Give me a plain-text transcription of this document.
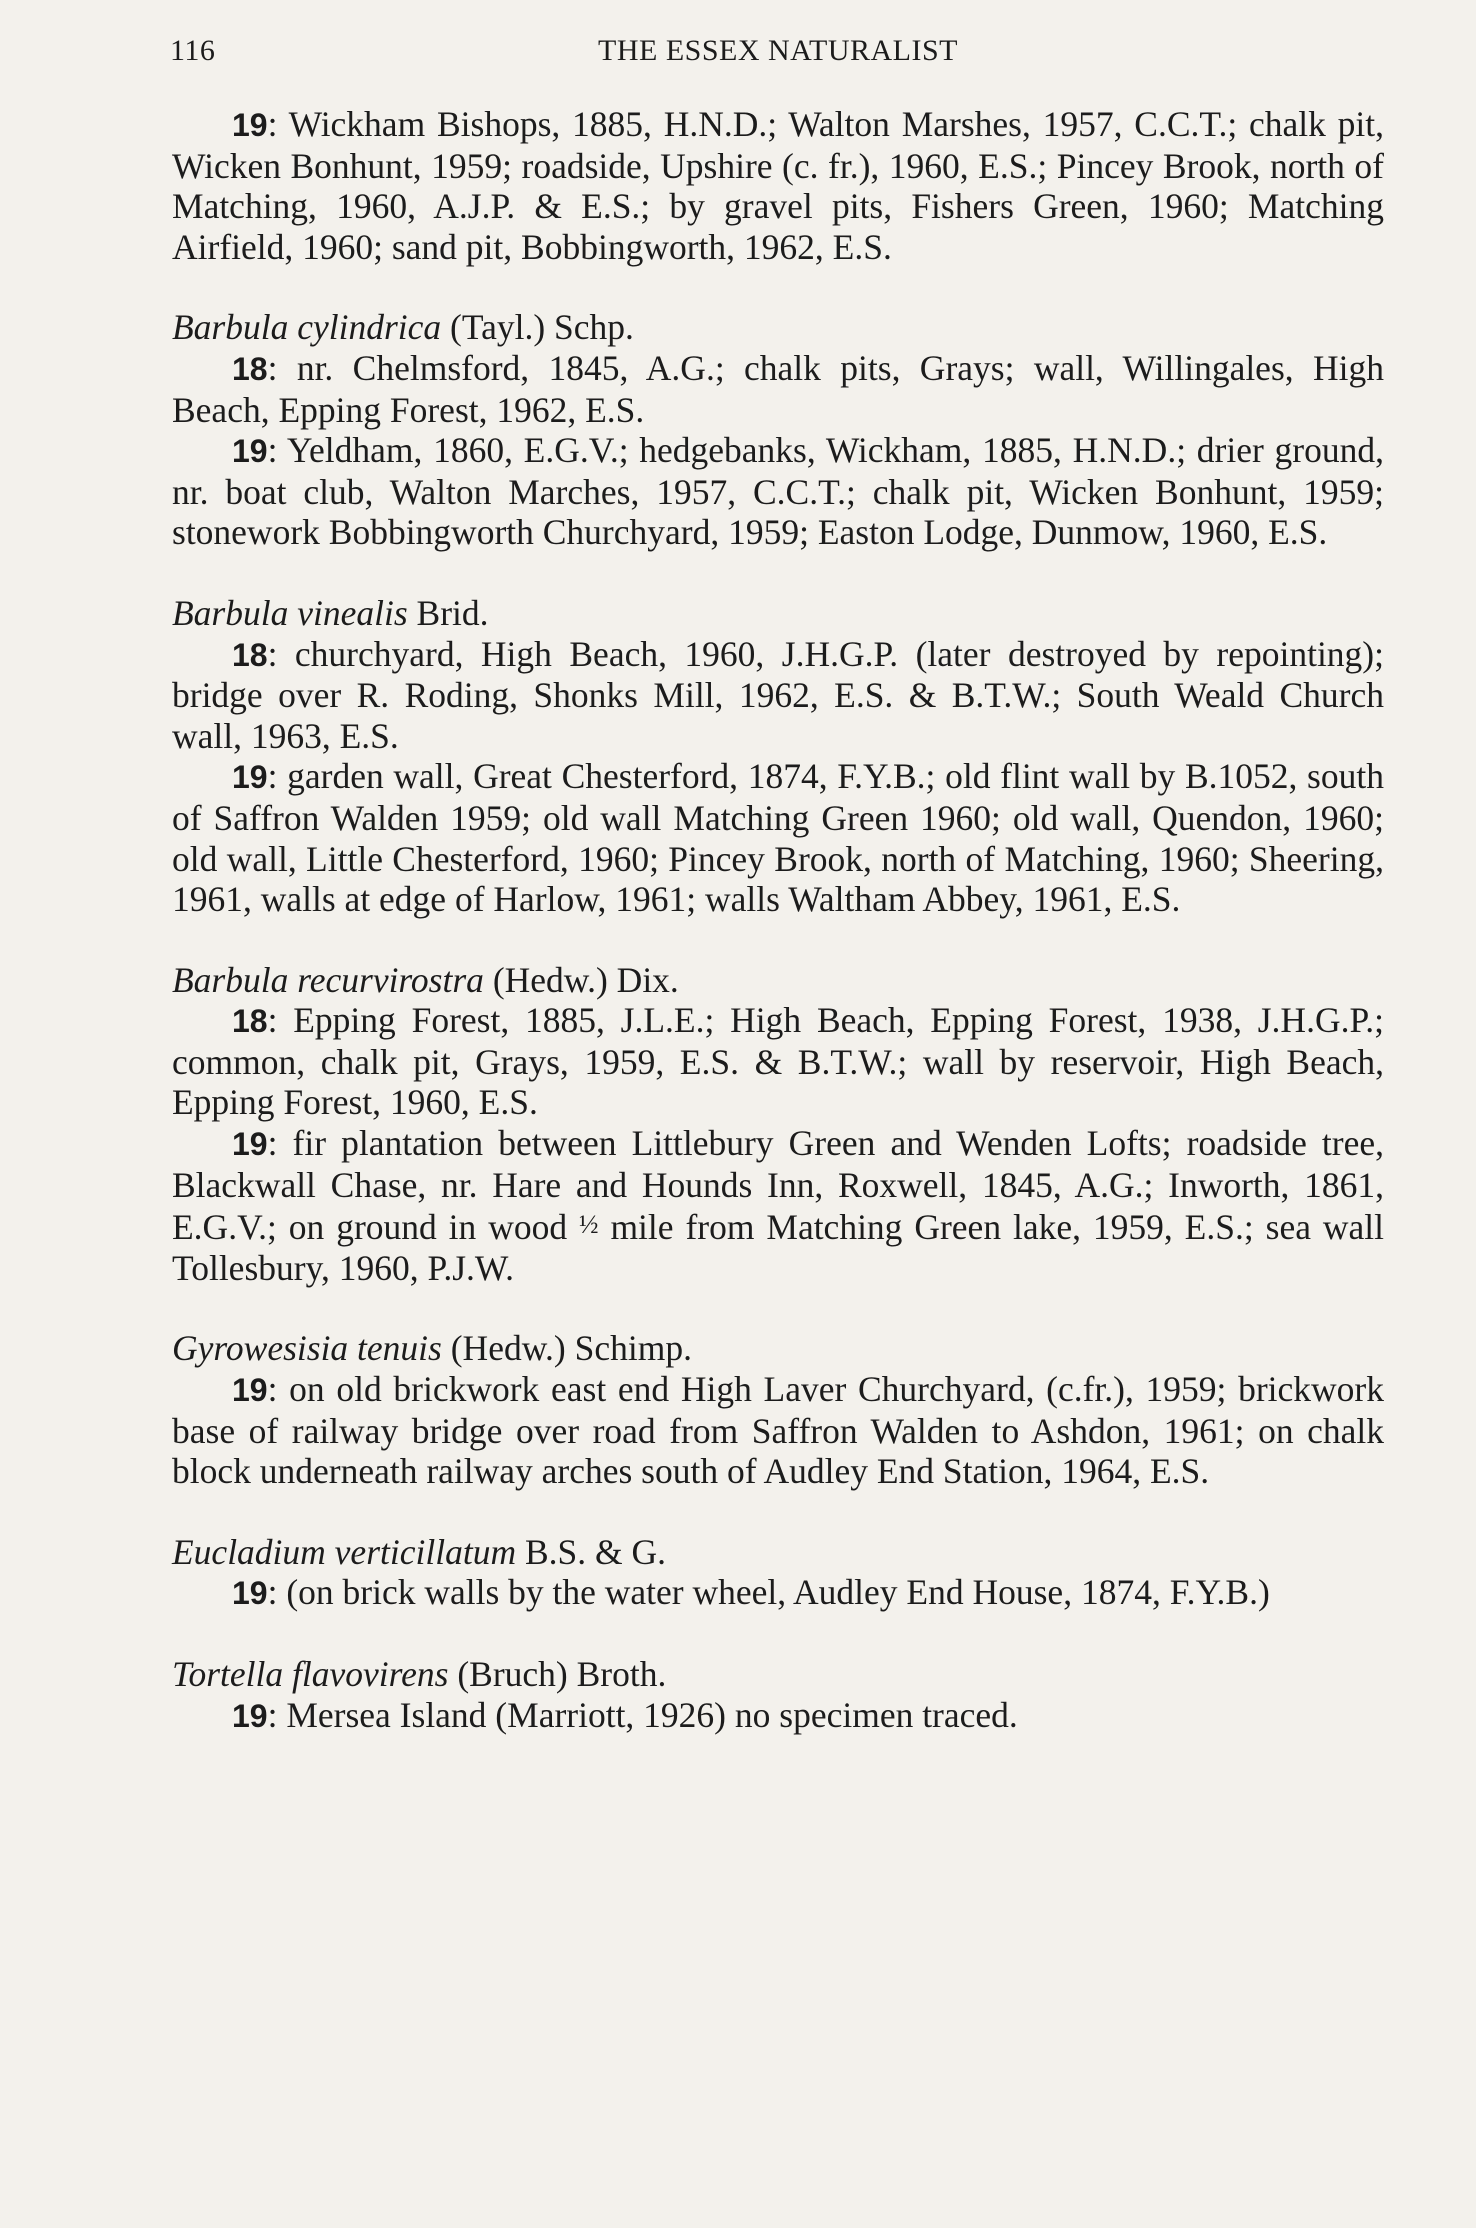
116	THE ESSEX NATURALIST

19: Wickham Bishops, 1885, H.N.D.; Walton Marshes, 1957, C.C.T.; chalk pit, Wicken Bonhunt, 1959; roadside, Upshire (c. fr.), 1960, E.S.; Pincey Brook, north of Matching, 1960, A.J.P. & E.S.; by gravel pits, Fishers Green, 1960; Matching Airfield, 1960; sand pit, Bobbingworth, 1962, E.S.

Barbula cylindrica (Tayl.) Schp.

18: nr. Chelmsford, 1845, A.G.; chalk pits, Grays; wall, Willingales, High Beach, Epping Forest, 1962, E.S.

19: Yeldham, 1860, E.G.V.; hedgebanks, Wickham, 1885, H.N.D.; drier ground, nr. boat club, Walton Marches, 1957, C.C.T.; chalk pit, Wicken Bonhunt, 1959; stonework Bobbingworth Churchyard, 1959; Easton Lodge, Dunmow, 1960, E.S.

Barbula vinealis Brid.

18: churchyard, High Beach, 1960, J.H.G.P. (later destroyed by repointing); bridge over R. Roding, Shonks Mill, 1962, E.S. & B.T.W.; South Weald Church wall, 1963, E.S.

19: garden wall, Great Chesterford, 1874, F.Y.B.; old flint wall by B.1052, south of Saffron Walden 1959; old wall Matching Green 1960; old wall, Quendon, 1960; old wall, Little Chesterford, 1960; Pincey Brook, north of Matching, 1960; Sheering, 1961, walls at edge of Harlow, 1961; walls Waltham Abbey, 1961, E.S.

Barbula recurvirostra (Hedw.) Dix.

18: Epping Forest, 1885, J.L.E.; High Beach, Epping Forest, 1938, J.H.G.P.; common, chalk pit, Grays, 1959, E.S. & B.T.W.; wall by reservoir, High Beach, Epping Forest, 1960, E.S.

19: fir plantation between Littlebury Green and Wenden Lofts; roadside tree, Blackwall Chase, nr. Hare and Hounds Inn, Roxwell, 1845, A.G.; Inworth, 1861, E.G.V.; on ground in wood ½ mile from Matching Green lake, 1959, E.S.; sea wall Tollesbury, 1960, P.J.W.

Gyrowesisia tenuis (Hedw.) Schimp.

19: on old brickwork east end High Laver Churchyard, (c.fr.), 1959; brickwork base of railway bridge over road from Saffron Walden to Ashdon, 1961; on chalk block underneath railway arches south of Audley End Station, 1964, E.S.

Eucladium verticillatum B.S. & G.

19: (on brick walls by the water wheel, Audley End House, 1874, F.Y.B.)

Tortella flavovirens (Bruch) Broth.

19: Mersea Island (Marriott, 1926) no specimen traced.
